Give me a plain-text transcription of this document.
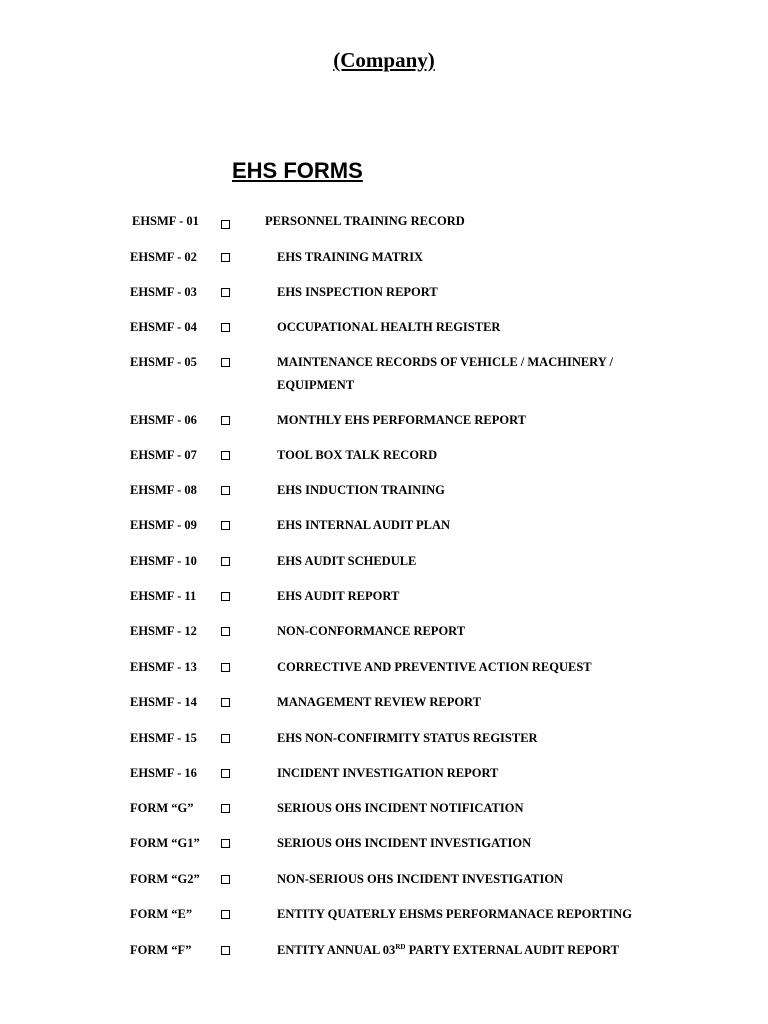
(Company)
EHS FORMS
EHSMF - 01	PERSONNEL TRAINING RECORD
EHSMF - 02	EHS TRAINING MATRIX
EHSMF - 03	EHS INSPECTION REPORT
EHSMF - 04	OCCUPATIONAL HEALTH REGISTER
EHSMF - 05	MAINTENANCE RECORDS OF VEHICLE / MACHINERY / EQUIPMENT
EHSMF - 06	MONTHLY EHS PERFORMANCE REPORT
EHSMF - 07	TOOL BOX TALK RECORD
EHSMF - 08	EHS INDUCTION TRAINING
EHSMF - 09	EHS INTERNAL AUDIT PLAN
EHSMF - 10	EHS AUDIT SCHEDULE
EHSMF - 11	EHS AUDIT REPORT
EHSMF - 12	NON-CONFORMANCE REPORT
EHSMF - 13	CORRECTIVE AND PREVENTIVE ACTION REQUEST
EHSMF - 14	MANAGEMENT REVIEW REPORT
EHSMF - 15	EHS NON-CONFIRMITY STATUS REGISTER
EHSMF - 16	INCIDENT INVESTIGATION REPORT
FORM “G”	SERIOUS OHS INCIDENT NOTIFICATION
FORM “G1”	SERIOUS OHS INCIDENT INVESTIGATION
FORM “G2”	NON-SERIOUS OHS INCIDENT INVESTIGATION
FORM “E”	ENTITY QUATERLY EHSMS PERFORMANACE REPORTING
FORM “F”	ENTITY ANNUAL 03RD PARTY EXTERNAL AUDIT REPORT
